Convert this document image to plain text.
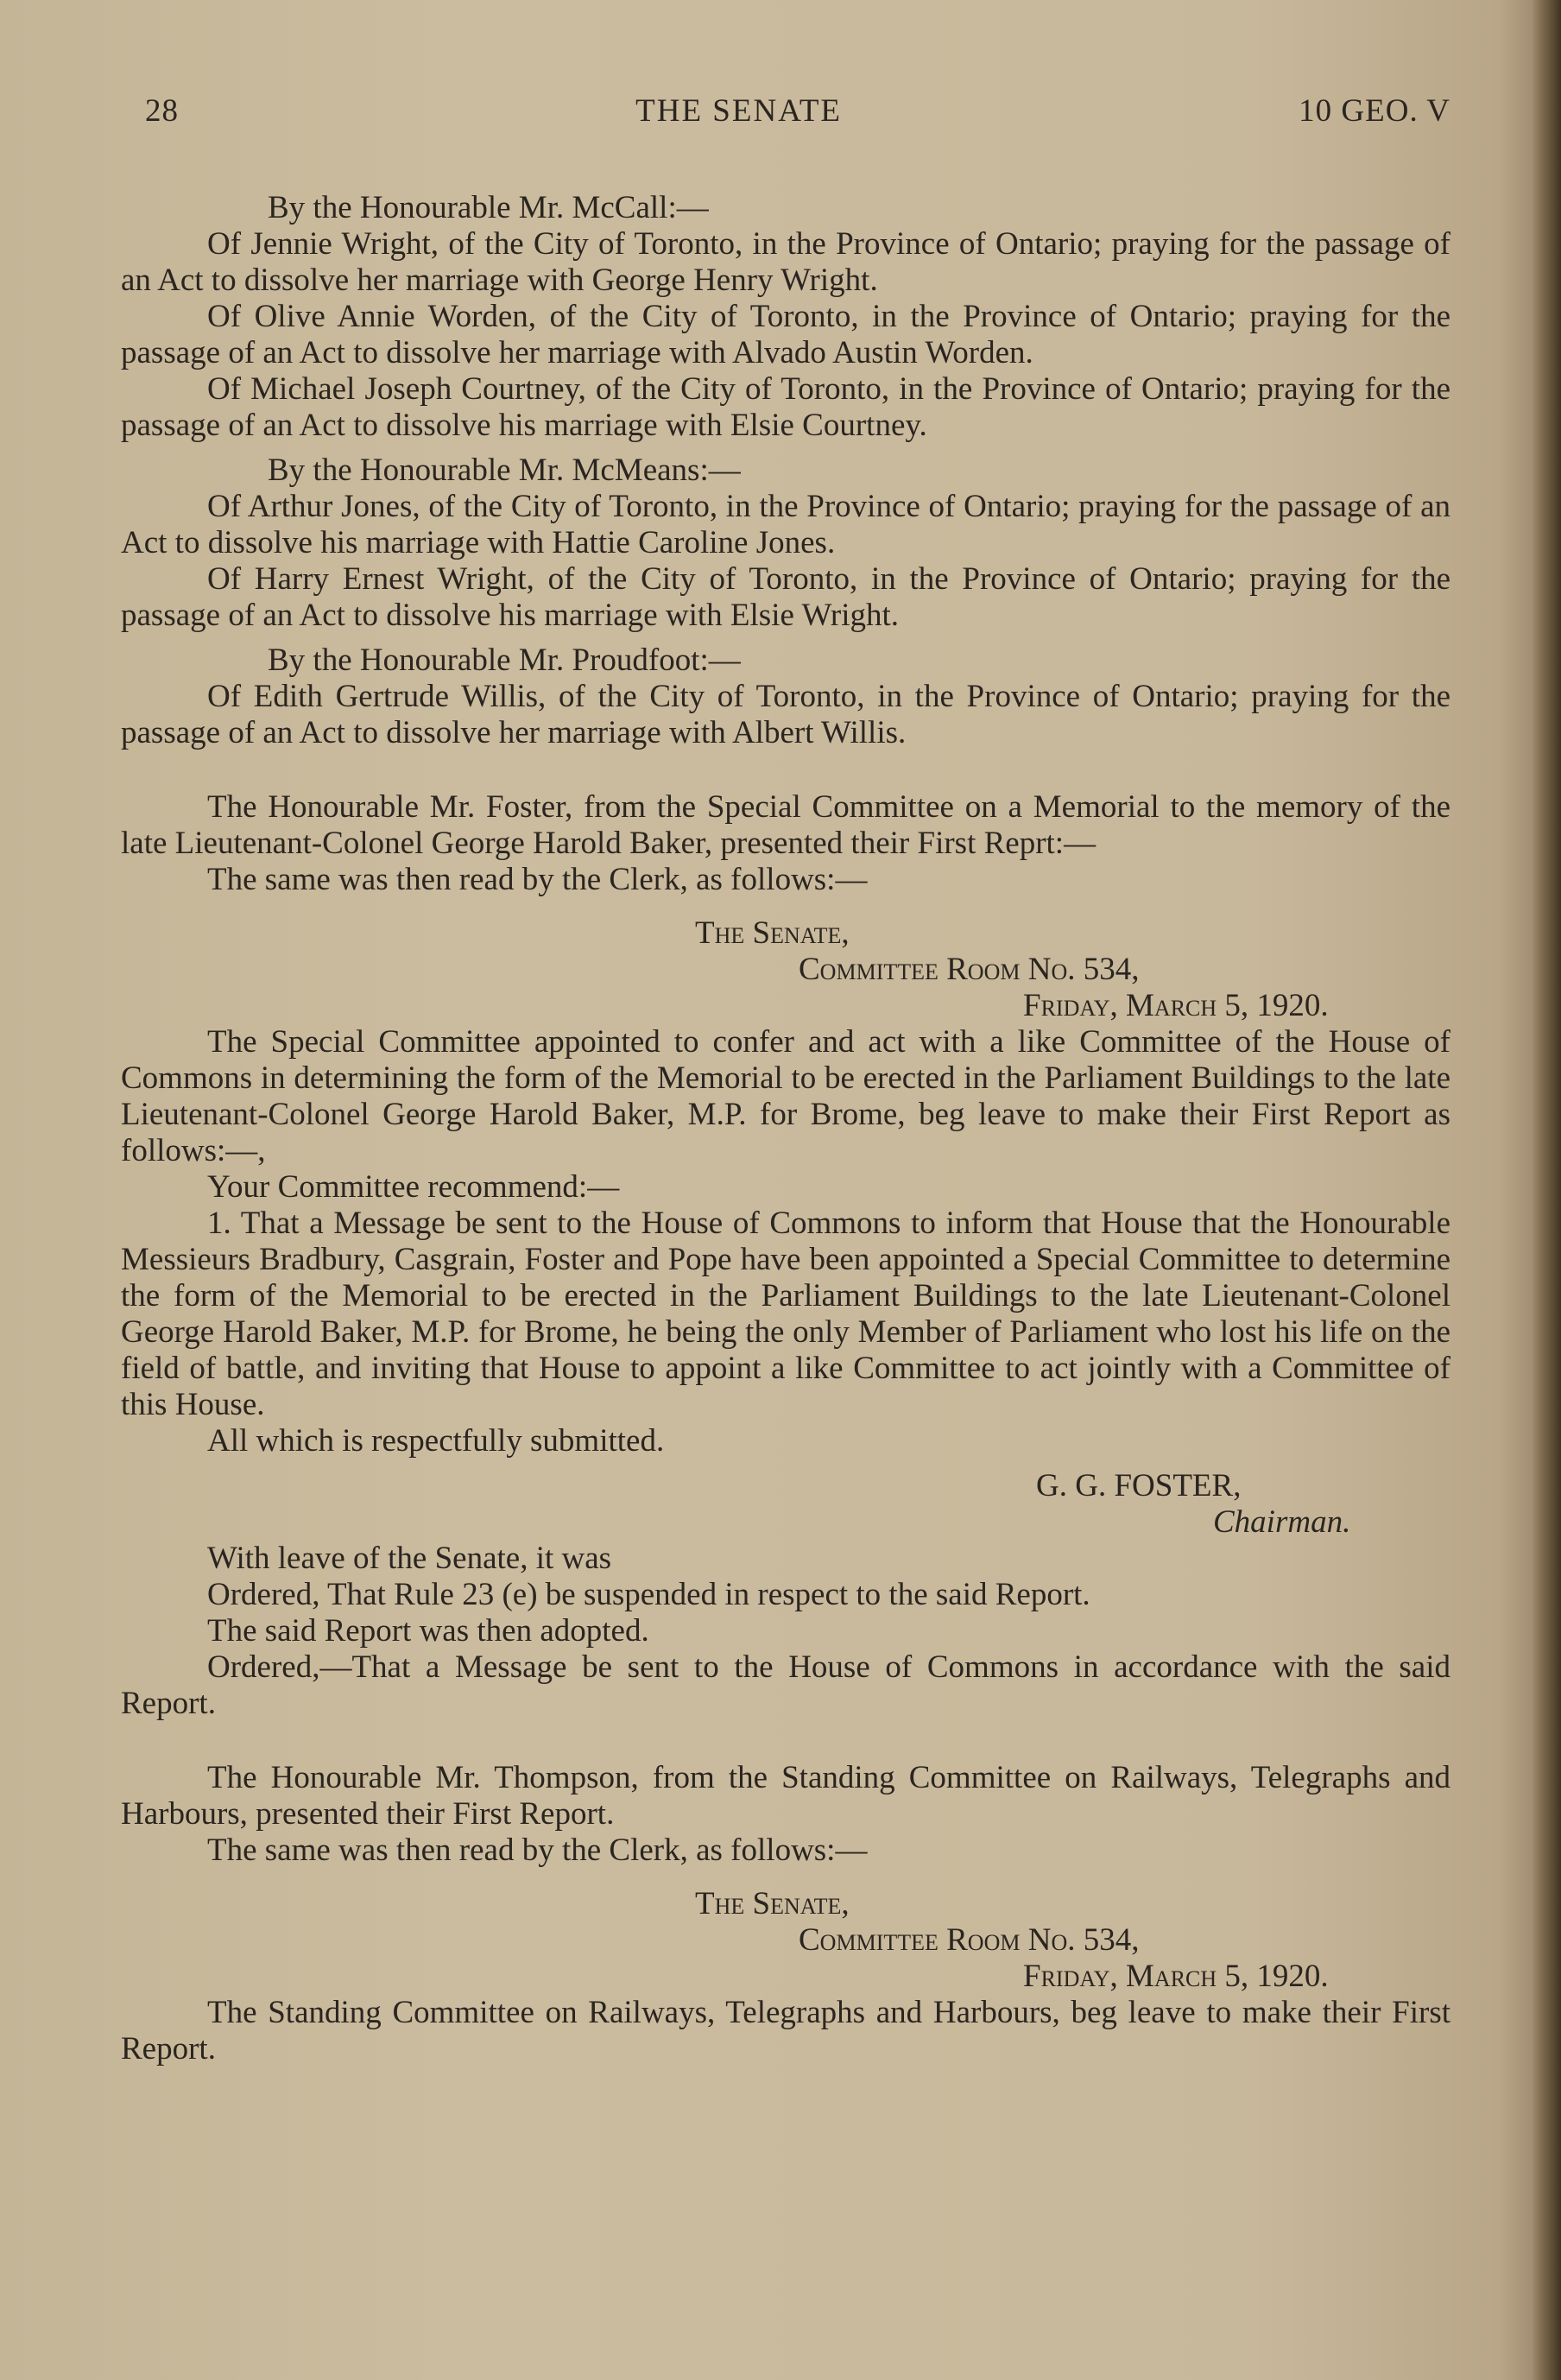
28	THE SENATE	10 GEO. V

By the Honourable Mr. McCall:—

Of Jennie Wright, of the City of Toronto, in the Province of Ontario; praying for the passage of an Act to dissolve her marriage with George Henry Wright.

Of Olive Annie Worden, of the City of Toronto, in the Province of Ontario; praying for the passage of an Act to dissolve her marriage with Alvado Austin Worden.

Of Michael Joseph Courtney, of the City of Toronto, in the Province of Ontario; praying for the passage of an Act to dissolve his marriage with Elsie Courtney.

By the Honourable Mr. McMeans:—

Of Arthur Jones, of the City of Toronto, in the Province of Ontario; praying for the passage of an Act to dissolve his marriage with Hattie Caroline Jones.

Of Harry Ernest Wright, of the City of Toronto, in the Province of Ontario; praying for the passage of an Act to dissolve his marriage with Elsie Wright.

By the Honourable Mr. Proudfoot:—

Of Edith Gertrude Willis, of the City of Toronto, in the Province of Ontario; praying for the passage of an Act to dissolve her marriage with Albert Willis.

The Honourable Mr. Foster, from the Special Committee on a Memorial to the memory of the late Lieutenant-Colonel George Harold Baker, presented their First Reprt:—

The same was then read by the Clerk, as follows:—

The Senate,

Committee Room No. 534,

Friday, March 5, 1920.

The Special Committee appointed to confer and act with a like Committee of the House of Commons in determining the form of the Memorial to be erected in the Parliament Buildings to the late Lieutenant-Colonel George Harold Baker, M.P. for Brome, beg leave to make their First Report as follows:—,

Your Committee recommend:—

1. That a Message be sent to the House of Commons to inform that House that the Honourable Messieurs Bradbury, Casgrain, Foster and Pope have been appointed a Special Committee to determine the form of the Memorial to be erected in the Parliament Buildings to the late Lieutenant-Colonel George Harold Baker, M.P. for Brome, he being the only Member of Parliament who lost his life on the field of battle, and inviting that House to appoint a like Committee to act jointly with a Committee of this House.

All which is respectfully submitted.

G. G. FOSTER,

Chairman.

With leave of the Senate, it was

Ordered, That Rule 23 (e) be suspended in respect to the said Report.

The said Report was then adopted.

Ordered,—That a Message be sent to the House of Commons in accordance with the said Report.

The Honourable Mr. Thompson, from the Standing Committee on Railways, Telegraphs and Harbours, presented their First Report.

The same was then read by the Clerk, as follows:—

The Senate,

Committee Room No. 534,

Friday, March 5, 1920.

The Standing Committee on Railways, Telegraphs and Harbours, beg leave to make their First Report.
